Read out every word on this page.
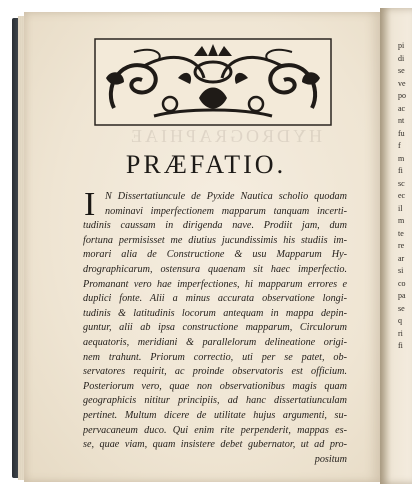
pi
di
se
ve
po
ac
nt
fu
f
m
fi
sc
ec
il
m
te
re
ar
si
co
pa
se
q
ri
fi
PRÆFATIO.
I N Dissertatiuncule de Pyxide Nautica scholio quodam
nominavi imperfectionem mapparum tanquam incerti-
tudinis caussam in dirigenda nave. Prodiit jam, dum
fortuna permisisset me diutius jucundissimis his studiis im-
morari alia de Constructione & usu Mapparum Hy-
drographicarum, ostensura quaenam sit haec imperfectio.
Promanant vero hae imperfectiones, hi mapparum errores e
duplici fonte. Alii a minus accurata observatione longi-
tudinis & latitudinis locorum antequam in mappa depin-
guntur, alii ab ipsa constructione mapparum, Circulorum
aequatoris, meridiani & parallelorum delineatione origi-
nem trahunt. Priorum correctio, uti per se patet, ob-
servatores requirit, ac proinde observatoris est officium.
Posteriorum vero, quae non observationibus magis quam
geographicis nititur principiis, ad hanc dissertatiunculam
pertinet. Multum dicere de utilitate hujus argumenti, su-
pervacaneum duco. Qui enim rite perpenderit, mappas es-
se, quae viam, quam insistere debet gubernator, ut ad pro-
positum
